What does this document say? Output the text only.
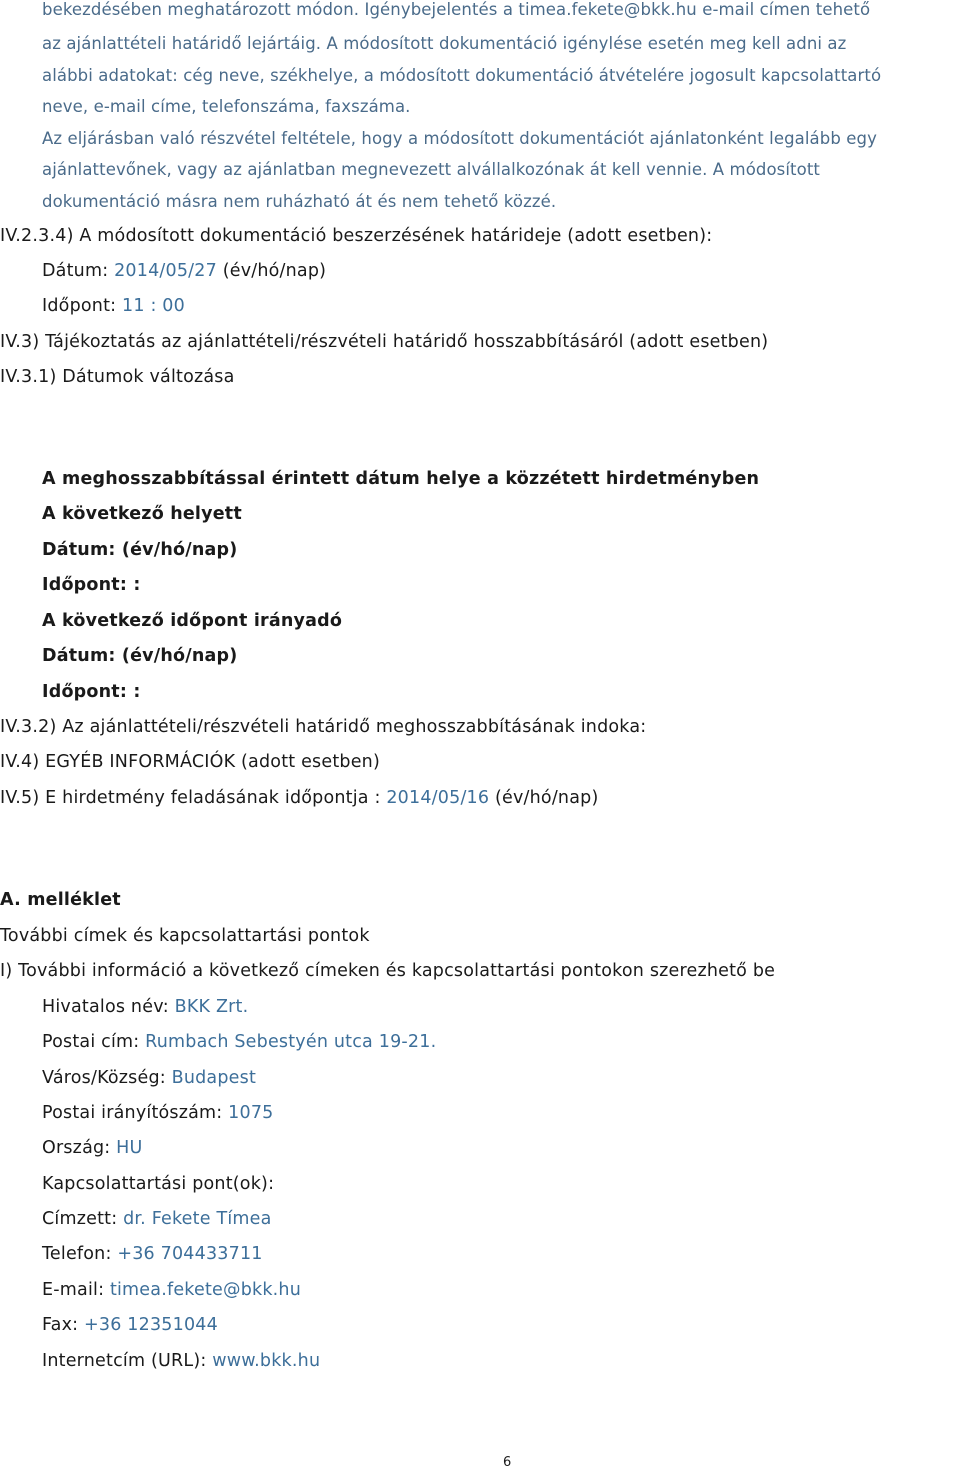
bekezdésében meghatározott módon. Igénybejelentés a timea.fekete@bkk.hu e-mail címen tehető
az ajánlattételi határidő lejártáig. A módosított dokumentáció igénylése esetén meg kell adni az
alábbi adatokat: cég neve, székhelye, a módosított dokumentáció átvételére jogosult kapcsolattartó
neve, e-mail címe, telefonszáma, faxszáma.
Az eljárásban való részvétel feltétele, hogy a módosított dokumentációt ajánlatonként legalább egy
ajánlattevőnek, vagy az ajánlatban megnevezett alvállalkozónak át kell vennie. A módosított
dokumentáció másra nem ruházható át és nem tehető közzé.
IV.2.3.4) A módosított dokumentáció beszerzésének határideje (adott esetben):
Dátum: 2014/05/27 (év/hó/nap)
Időpont: 11 : 00
IV.3) Tájékoztatás az ajánlattételi/részvételi határidő hosszabbításáról (adott esetben)
IV.3.1) Dátumok változása
A meghosszabbítással érintett dátum helye a közzétett hirdetményben
A következő helyett
Dátum: (év/hó/nap)
Időpont: :
A következő időpont irányadó
Dátum: (év/hó/nap)
Időpont: :
IV.3.2) Az ajánlattételi/részvételi határidő meghosszabbításának indoka:
IV.4) EGYÉB INFORMÁCIÓK (adott esetben)
IV.5) E hirdetmény feladásának időpontja : 2014/05/16 (év/hó/nap)
A. melléklet
További címek és kapcsolattartási pontok
I) További információ a következő címeken és kapcsolattartási pontokon szerezhető be
Hivatalos név: BKK Zrt.
Postai cím: Rumbach Sebestyén utca 19-21.
Város/Község: Budapest
Postai irányítószám: 1075
Ország: HU
Kapcsolattartási pont(ok):
Címzett: dr. Fekete Tímea
Telefon: +36 704433711
E-mail: timea.fekete@bkk.hu
Fax: +36 12351044
Internetcím (URL): www.bkk.hu
6
